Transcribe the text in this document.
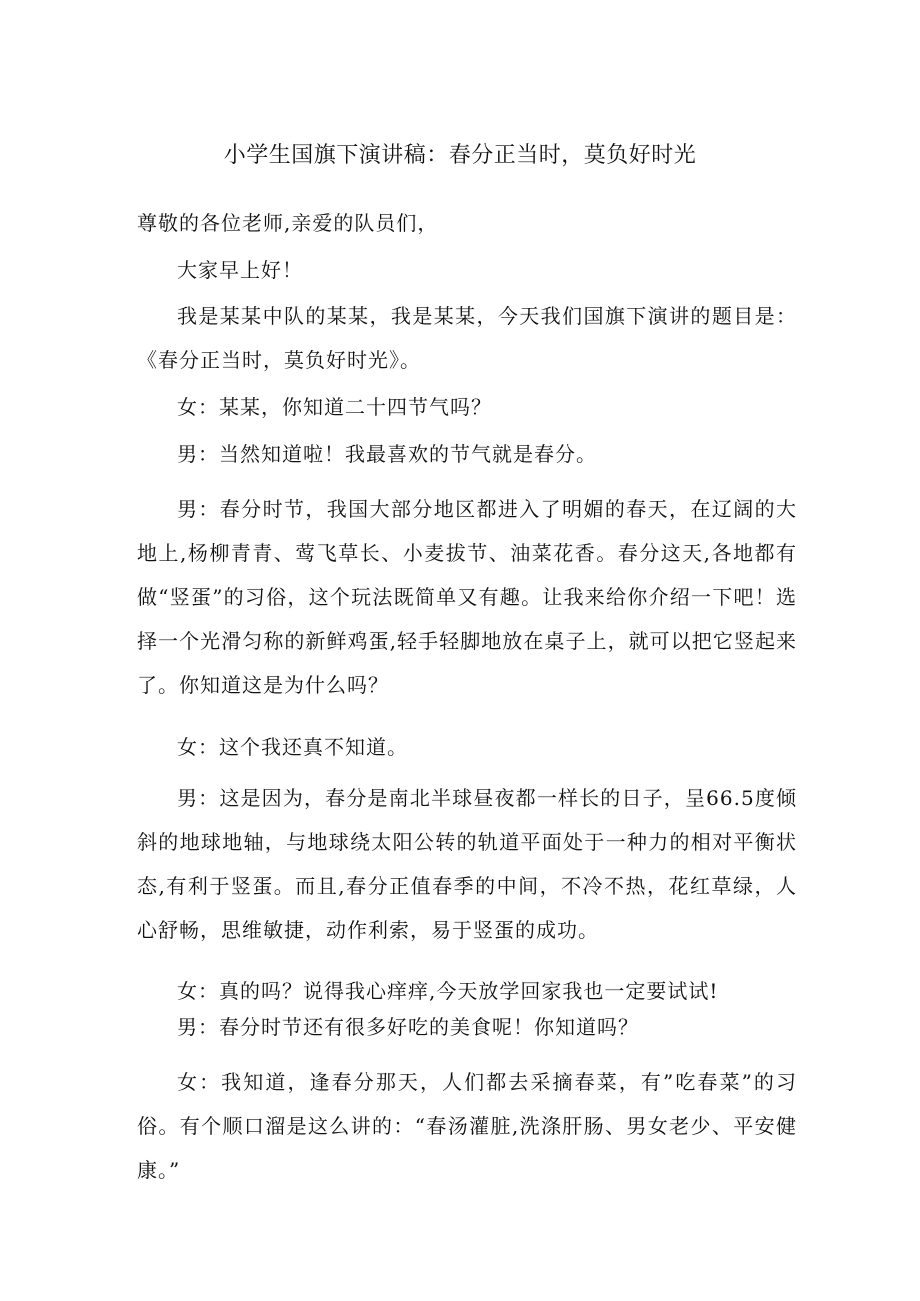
小学生国旗下演讲稿：春分正当时，莫负好时光

尊敬的各位老师,亲爱的队员们，

大家早上好！

我是某某中队的某某，我是某某，今天我们国旗下演讲的题目是：《春分正当时，莫负好时光》。

女：某某，你知道二十四节气吗？

男：当然知道啦！我最喜欢的节气就是春分。

男：春分时节，我国大部分地区都进入了明媚的春天，在辽阔的大地上,杨柳青青、莺飞草长、小麦拔节、油菜花香。春分这天,各地都有做“竖蛋”的习俗，这个玩法既简单又有趣。让我来给你介绍一下吧！选择一个光滑匀称的新鲜鸡蛋,轻手轻脚地放在桌子上，就可以把它竖起来了。你知道这是为什么吗？

女：这个我还真不知道。

男：这是因为，春分是南北半球昼夜都一样长的日子，呈66.5度倾斜的地球地轴，与地球绕太阳公转的轨道平面处于一种力的相对平衡状态,有利于竖蛋。而且,春分正值春季的中间，不冷不热，花红草绿，人心舒畅，思维敏捷，动作利索，易于竖蛋的成功。

女：真的吗？说得我心痒痒,今天放学回家我也一定要试试!

男：春分时节还有很多好吃的美食呢！你知道吗？

女：我知道，逢春分那天，人们都去采摘春菜，有”吃春菜”的习俗。有个顺口溜是这么讲的：“春汤灌脏,洗涤肝肠、男女老少、平安健康。”
